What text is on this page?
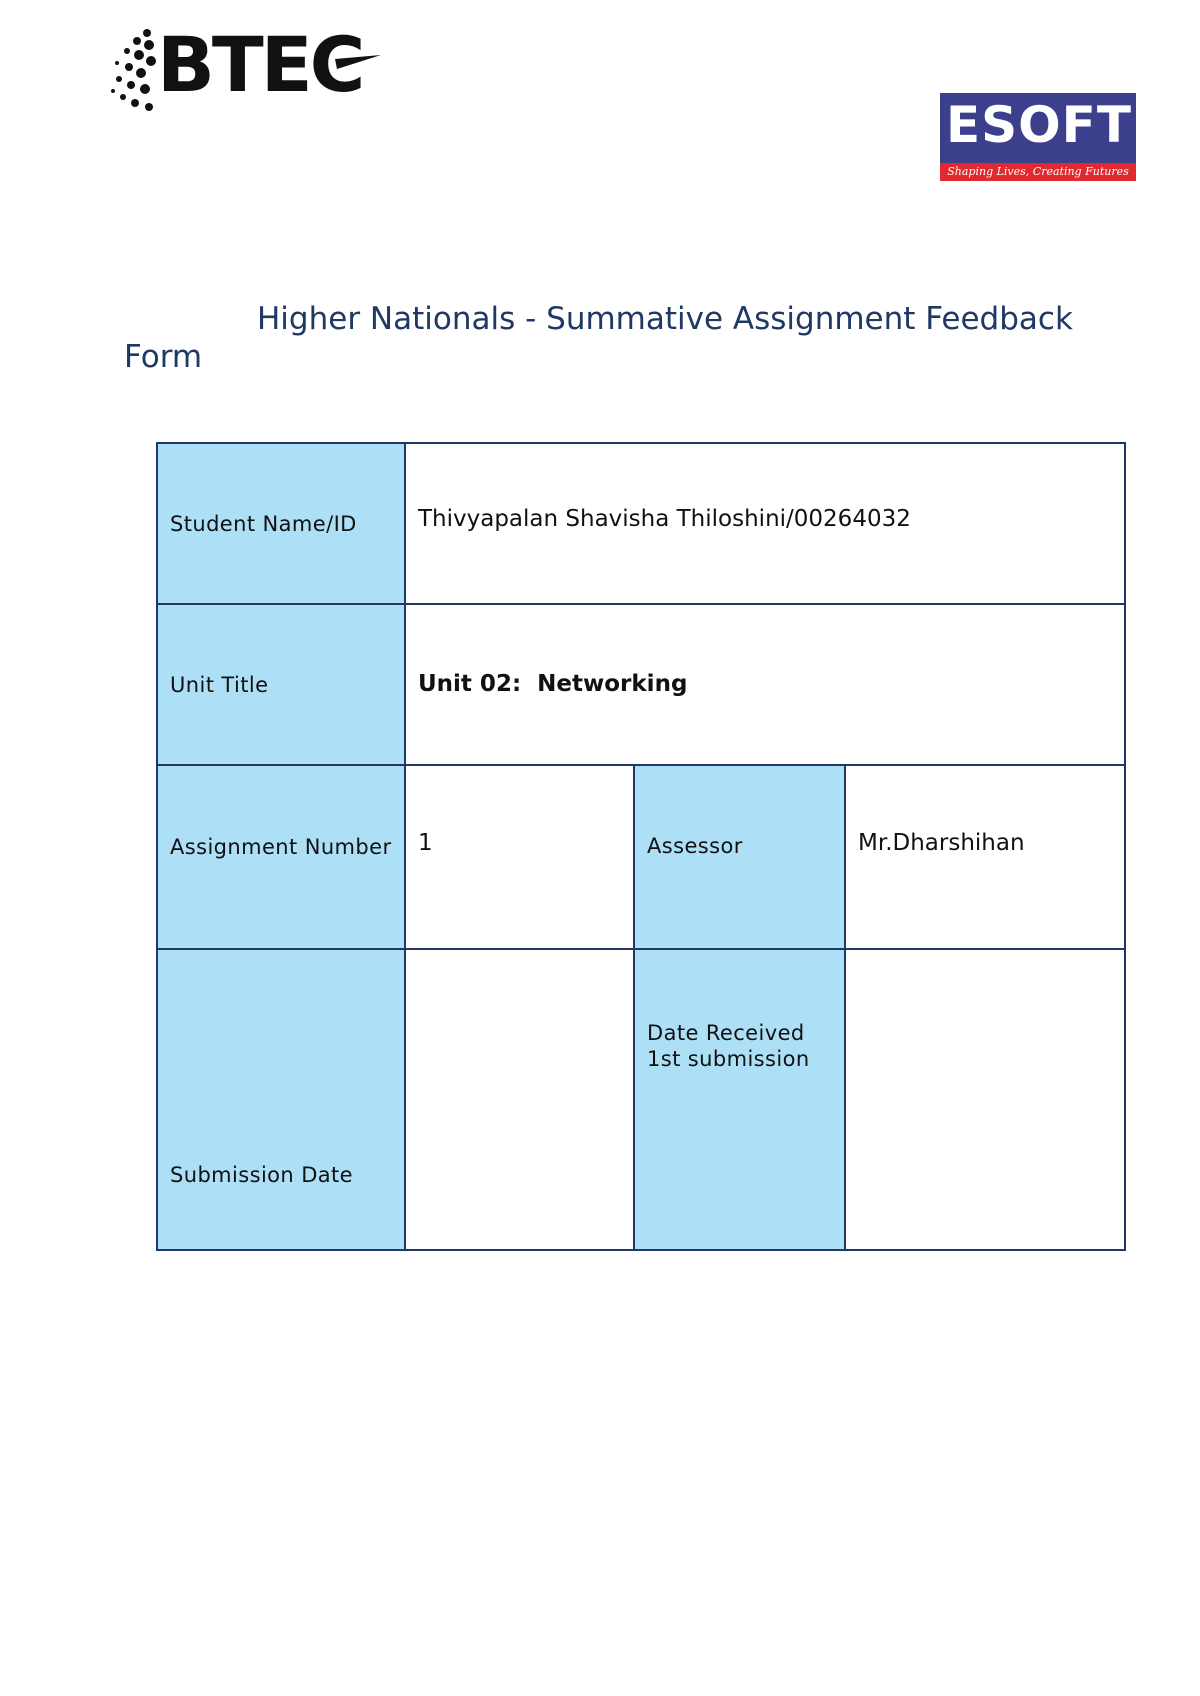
BTEC
ESOFT
Shaping Lives, Creating Futures
Higher Nationals - Summative Assignment Feedback Form
Student Name/ID	Thivyapalan Shavisha Thiloshini/00264032		
Unit Title	Unit 02:  Networking		

Assignment Number	1	Assessor	Mr.Dharshihan
Submission Date		Date Received 1st submission	
